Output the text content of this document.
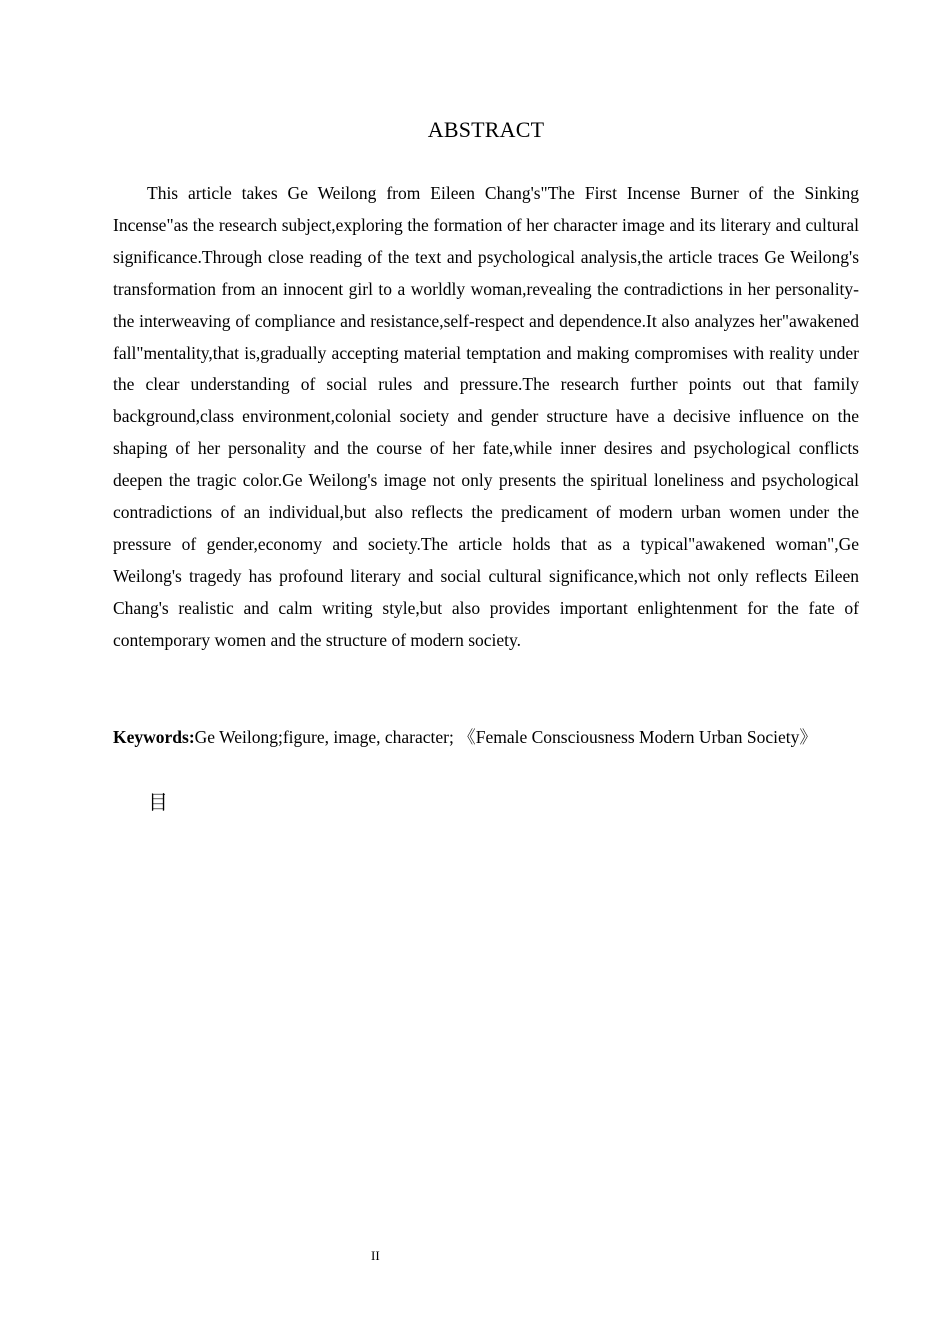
ABSTRACT

This article takes Ge Weilong from Eileen Chang's"The First Incense Burner of the Sinking Incense"as the research subject,exploring the formation of her character image and its literary and cultural significance.Through close reading of the text and psychological analysis,the article traces Ge Weilong's transformation from an innocent girl to a worldly woman,revealing the contradictions in her personality-the interweaving of compliance and resistance,self-respect and dependence.It also analyzes her"awakened fall"mentality,that is,gradually accepting material temptation and making compromises with reality under the clear understanding of social rules and pressure.The research further points out that family background,class environment,colonial society and gender structure have a decisive influence on the shaping of her personality and the course of her fate,while inner desires and psychological conflicts deepen the tragic color.Ge Weilong's image not only presents the spiritual loneliness and psychological contradictions of an individual,but also reflects the predicament of modern urban women under the pressure of gender,economy and society.The article holds that as a typical"awakened woman",Ge Weilong's tragedy has profound literary and social cultural significance,which not only reflects Eileen Chang's realistic and calm writing style,but also provides important enlightenment for the fate of contemporary women and the structure of modern society.

Keywords:Ge Weilong;figure, image, character; 《Female Consciousness Modern Urban Society》

目
II
